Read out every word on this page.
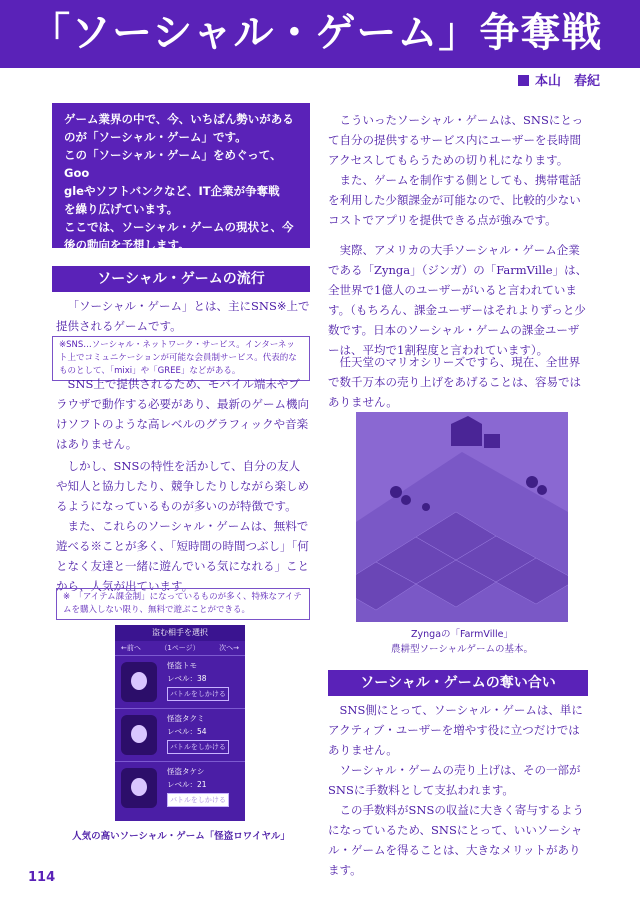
「ソーシャル・ゲーム」争奪戦
本山　春紀
ゲーム業界の中で、今、いちばん勢いがある
のが「ソーシャル・ゲーム」です。
この「ソーシャル・ゲーム」をめぐって、Goo
gleやソフトバンクなど、IT企業が争奪戦
を繰り広げています。
ここでは、ソーシャル・ゲームの現状と、今
後の動向を予想します。
ソーシャル・ゲームの流行

「ソーシャル・ゲーム」とは、主にSNS※上で提供されるゲームです。

※SNS…ソーシャル・ネットワーク・サービス。インターネット上でコミュニケーションが可能な会員制サービス。代表的なものとして、「mixi」や「GREE」などがある。

SNS上で提供されるため、モバイル端末やブラウザで動作する必要があり、最新のゲーム機向けソフトのような高レベルのグラフィックや音楽はありません。

しかし、SNSの特性を活かして、自分の友人や知人と協力したり、競争したりしながら楽しめるようになっているものが多いのが特徴です。

また、これらのソーシャル・ゲームは、無料で遊べる※ことが多く、「短時間の時間つぶし」「何となく友達と一緒に遊んでいる気になれる」ことから、人気が出ています。

※　「アイテム課金制」になっているものが多く、特殊なアイテムを購入しない限り、無料で遊ぶことができる。
盗む相手を選択
←前へ	（1ページ）	次へ→
怪盗トモ
レベル：38
バトルをしかける
怪盗タクミ
レベル：54
バトルをしかける
怪盗タケシ
レベル：21
バトルをしかける
人気の高いソーシャル・ゲーム「怪盗ロワイヤル」

こういったソーシャル・ゲームは、SNSにとって自分の提供するサービス内にユーザーを長時間アクセスしてもらうための切り札になります。

また、ゲームを制作する側としても、携帯電話を利用した少額課金が可能なので、比較的少ないコストでアプリを提供できる点が強みです。

実際、アメリカの大手ソーシャル・ゲーム企業である「Zynga」（ジンガ）の「FarmVille」は、全世界で1億人のユーザーがいると言われています。（もちろん、課金ユーザーはそれよりずっと少数です。日本のソーシャル・ゲームの課金ユーザーは、平均で1割程度と言われています）。

任天堂のマリオシリーズですら、現在、全世界で数千万本の売り上げをあげることは、容易ではありません。

Zyngaの「FarmVille」
農耕型ソーシャルゲームの基本。
ソーシャル・ゲームの奪い合い

SNS側にとって、ソーシャル・ゲームは、単にアクティブ・ユーザーを増やす役に立つだけではありません。

ソーシャル・ゲームの売り上げは、その一部がSNSに手数料として支払われます。

この手数料がSNSの収益に大きく寄与するようになっているため、SNSにとって、いいソーシャル・ゲームを得ることは、大きなメリットがあります。

114
